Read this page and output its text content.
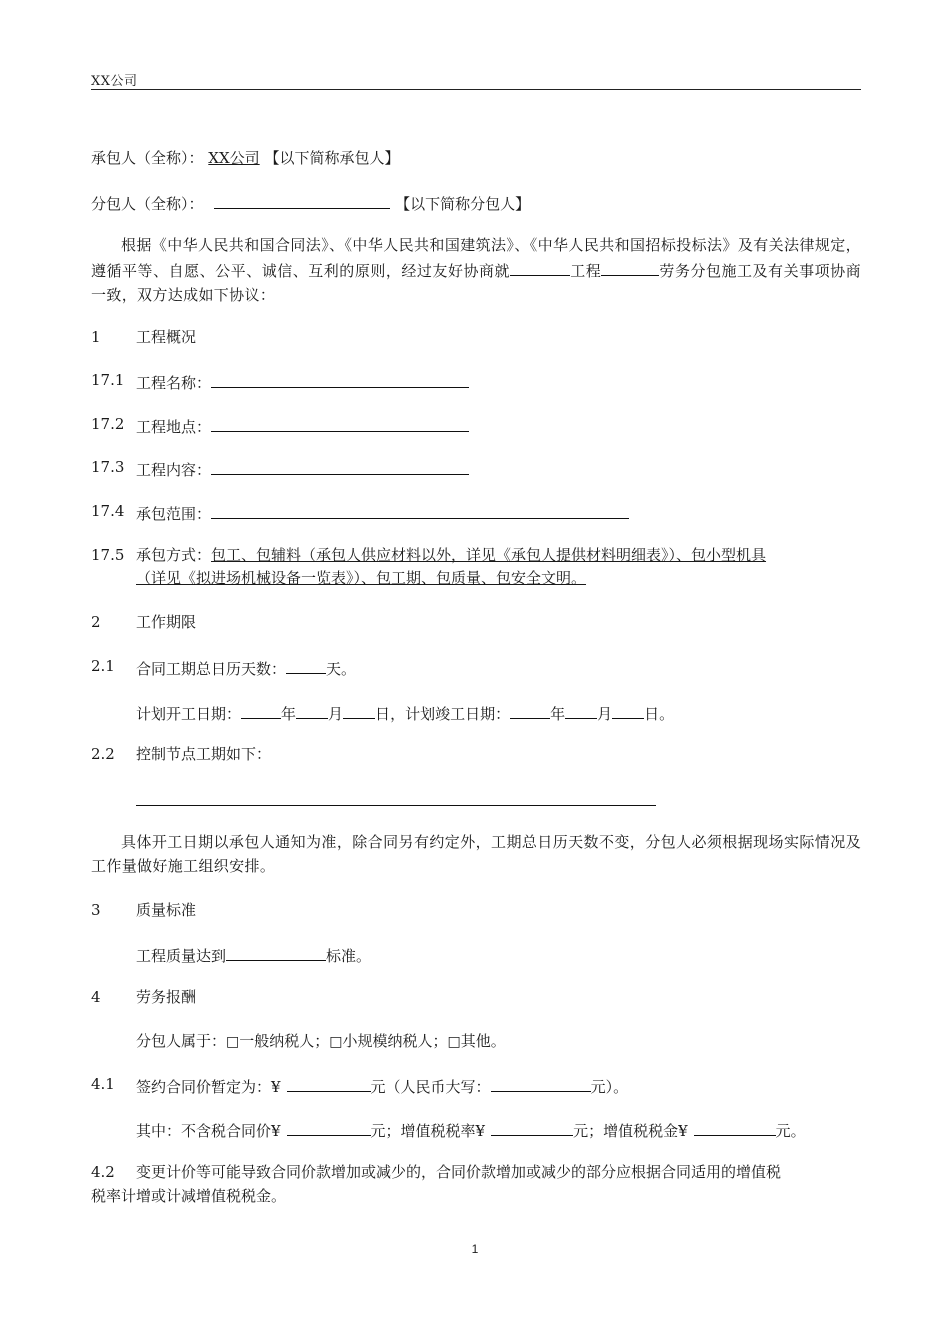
XX公司
承包人（全称）： XX公司 【以下简称承包人】
分包人（全称）：	【以下简称分包人】
根据《中华人民共和国合同法》、《中华人民共和国建筑法》、《中华人民共和国招标投标法》及有关法律规定，遵循平等、自愿、公平、诚信、互利的原则，经过友好协商就	工程	劳务分包施工及有关事项协商一致，双方达成如下协议：
1 工程概况
17.1 工程名称：
17.2 工程地点：
17.3 工程内容：
17.4 承包范围：
17.5 承包方式：包工、包辅料（承包人供应材料以外，详见《承包人提供材料明细表》）、包小型机具
（详见《拟进场机械设备一览表》）、包工期、包质量、包安全文明。
2 工作期限
2.1 合同工期总日历天数：	天。
计划开工日期：	年 月 日，计划竣工日期：	年 月 日。
2.2 控制节点工期如下：
具体开工日期以承包人通知为准，除合同另有约定外，工期总日历天数不变，分包人必须根据现场实际情况及工作量做好施工组织安排。
3 质量标准
工程质量达到	标准。
4 劳务报酬
分包人属于：□一般纳税人；□小规模纳税人；□其他。
4.1 签约合同价暂定为：¥	元（人民币大写：	元）。
其中：不含税合同价¥	元；增值税税率¥	元；增值税税金¥	元。
4.2 变更计价等可能导致合同价款增加或减少的，合同价款增加或减少的部分应根据合同适用的增值税
税率计增或计减增值税税金。
1
